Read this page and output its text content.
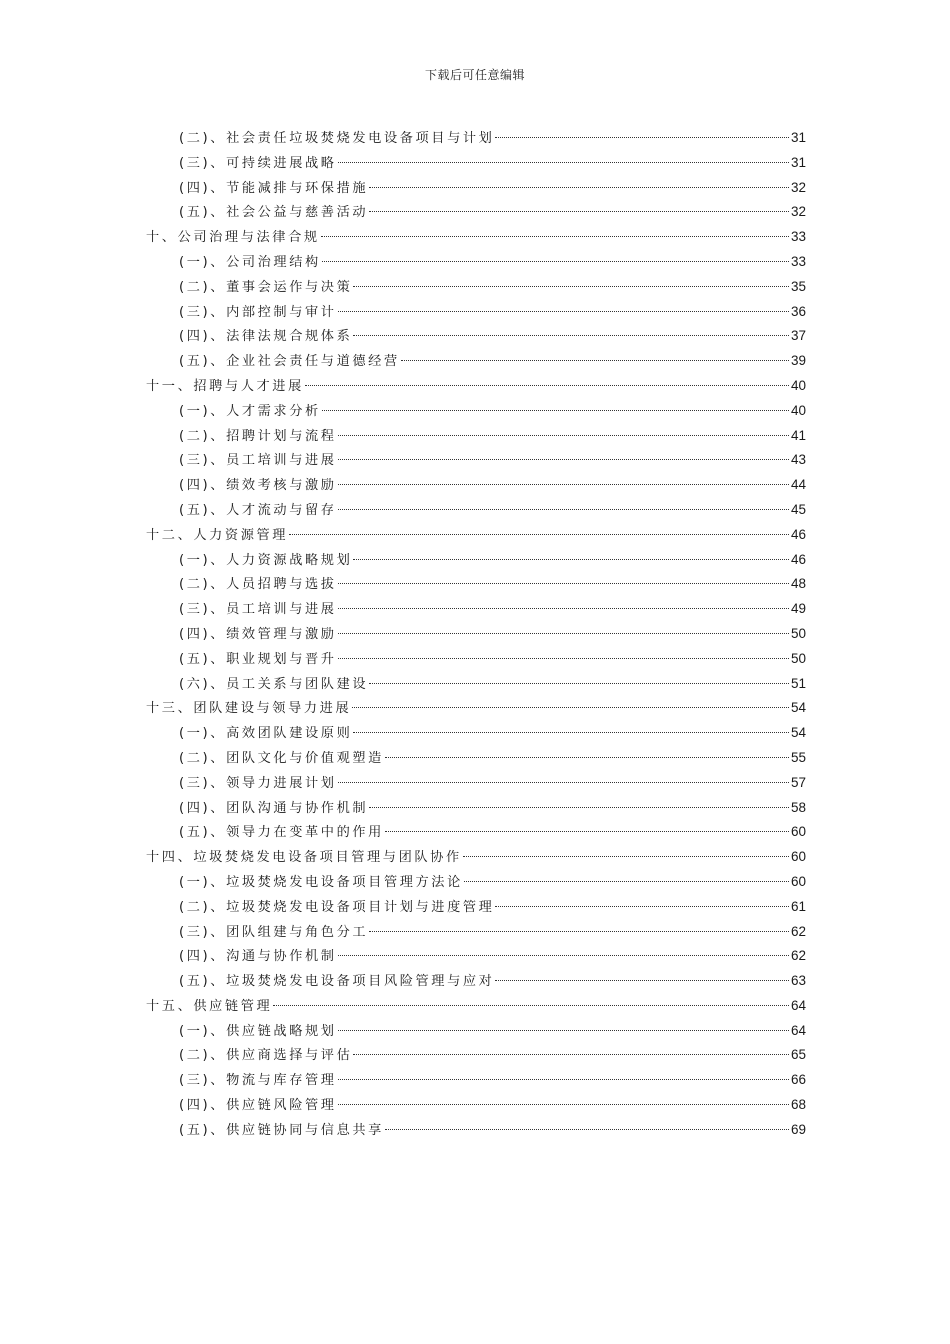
下载后可任意编辑
(二)、社会责任垃圾焚烧发电设备项目与计划	31
(三)、可持续进展战略	31
(四)、节能减排与环保措施	32
(五)、社会公益与慈善活动	32
十、公司治理与法律合规	33
(一)、公司治理结构	33
(二)、董事会运作与决策	35
(三)、内部控制与审计	36
(四)、法律法规合规体系	37
(五)、企业社会责任与道德经营	39
十一、招聘与人才进展	40
(一)、人才需求分析	40
(二)、招聘计划与流程	41
(三)、员工培训与进展	43
(四)、绩效考核与激励	44
(五)、人才流动与留存	45
十二、人力资源管理	46
(一)、人力资源战略规划	46
(二)、人员招聘与选拔	48
(三)、员工培训与进展	49
(四)、绩效管理与激励	50
(五)、职业规划与晋升	50
(六)、员工关系与团队建设	51
十三、团队建设与领导力进展	54
(一)、高效团队建设原则	54
(二)、团队文化与价值观塑造	55
(三)、领导力进展计划	57
(四)、团队沟通与协作机制	58
(五)、领导力在变革中的作用	60
十四、垃圾焚烧发电设备项目管理与团队协作	60
(一)、垃圾焚烧发电设备项目管理方法论	60
(二)、垃圾焚烧发电设备项目计划与进度管理	61
(三)、团队组建与角色分工	62
(四)、沟通与协作机制	62
(五)、垃圾焚烧发电设备项目风险管理与应对	63
十五、供应链管理	64
(一)、供应链战略规划	64
(二)、供应商选择与评估	65
(三)、物流与库存管理	66
(四)、供应链风险管理	68
(五)、供应链协同与信息共享	69
